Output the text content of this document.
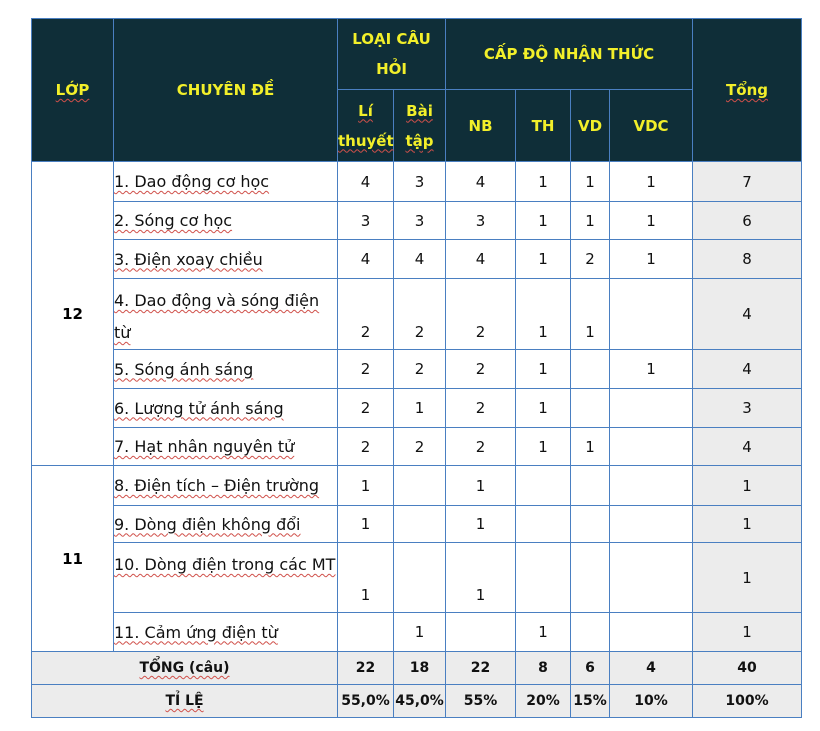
LỚP	CHUYÊN ĐỀ	LOẠI CÂU HỎI		CẤP ĐỘ NHẬN THỨC				Tổng
		Lí thuyết	Bài tập	NB	TH	VD	VDC	
12	1. Dao động cơ học	4	3	4	1	1	1	7
	2. Sóng cơ học	3	3	3	1	1	1	6
	3. Điện xoay chiều	4	4	4	1	2	1	8
	4. Dao động và sóng điện từ	2	2	2	1	1		4
	5. Sóng ánh sáng	2	2	2	1		1	4
	6. Lượng tử ánh sáng	2	1	2	1			3
	7. Hạt nhân nguyên tử	2	2	2	1	1		4
11	8. Điện tích – Điện trường	1		1				1
	9. Dòng điện không đổi	1		1				1
	10. Dòng điện trong các MT	1		1				1
	11. Cảm ứng điện từ		1		1			1
TỔNG (câu)		22	18	22	8	6	4	40
TỈ LỆ		55,0%	45,0%	55%	20%	15%	10%	100%
